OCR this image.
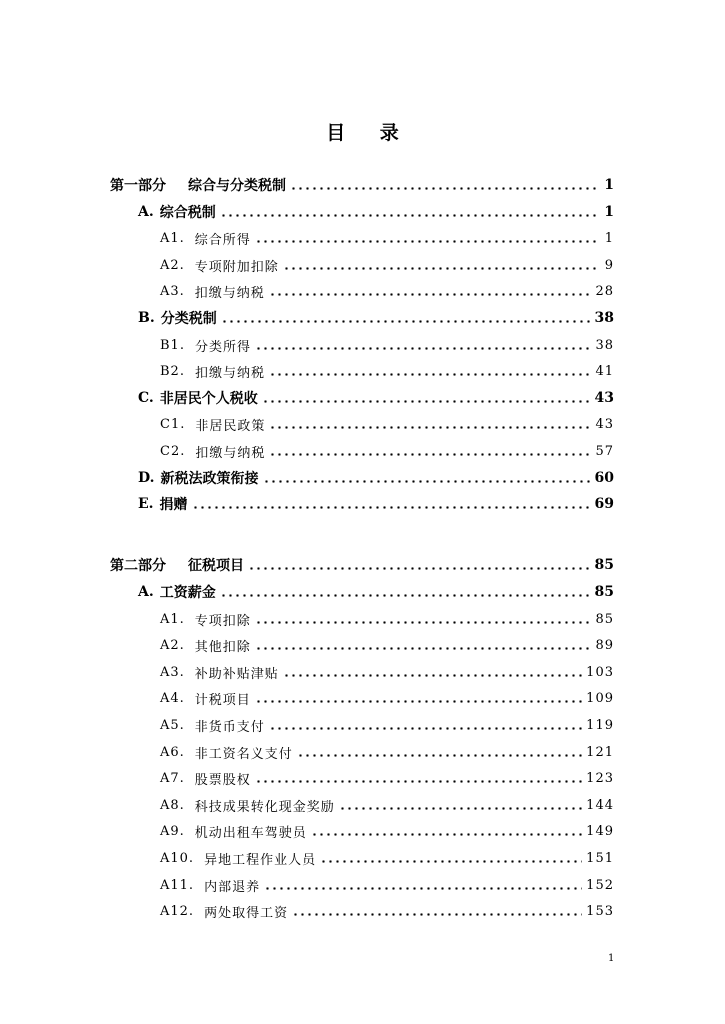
目 录
第一部分 综合与分类税制	1
A. 综合税制	1
A1. 综合所得	1
A2. 专项附加扣除	9
A3. 扣缴与纳税	28
B. 分类税制	38
B1. 分类所得	38
B2. 扣缴与纳税	41
C. 非居民个人税收	43
C1. 非居民政策	43
C2. 扣缴与纳税	57
D. 新税法政策衔接	60
E. 捐赠	69
第二部分 征税项目	85
A. 工资薪金	85
A1. 专项扣除	85
A2. 其他扣除	89
A3. 补助补贴津贴	103
A4. 计税项目	109
A5. 非货币支付	119
A6. 非工资名义支付	121
A7. 股票股权	123
A8. 科技成果转化现金奖励	144
A9. 机动出租车驾驶员	149
A10. 异地工程作业人员	151
A11. 内部退养	152
A12. 两处取得工资	153
1
